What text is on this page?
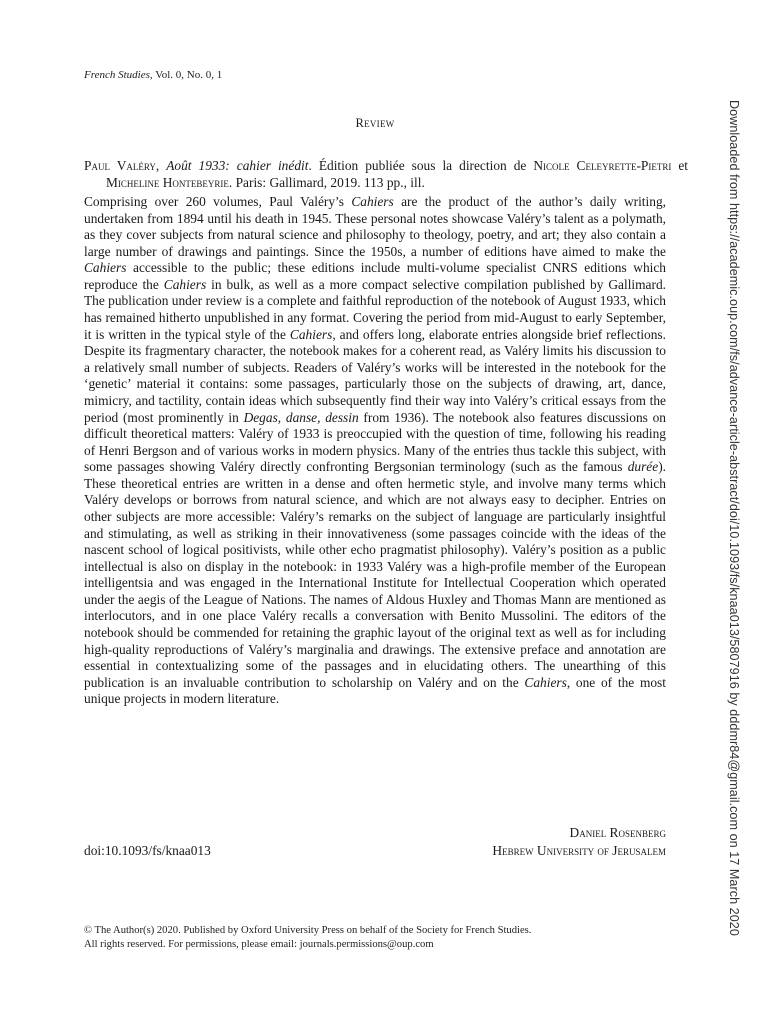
French Studies, Vol. 0, No. 0, 1
Review
Paul Valéry, Août 1933: cahier inédit. Édition publiée sous la direction de Nicole Celeyrette-Pietri et Micheline Hontebeyrie. Paris: Gallimard, 2019. 113 pp., ill.
Comprising over 260 volumes, Paul Valéry’s Cahiers are the product of the author’s daily writing, undertaken from 1894 until his death in 1945. These personal notes showcase Valéry’s talent as a polymath, as they cover subjects from natural science and philosophy to theology, poetry, and art; they also contain a large number of drawings and paintings. Since the 1950s, a number of editions have aimed to make the Cahiers accessible to the public; these editions include multi-volume specialist CNRS editions which reproduce the Cahiers in bulk, as well as a more compact selective compilation published by Gallimard. The publication under review is a complete and faithful reproduction of the notebook of August 1933, which has remained hitherto unpublished in any format. Covering the period from mid-August to early September, it is written in the typical style of the Cahiers, and offers long, elaborate entries alongside brief reflections. Despite its fragmentary character, the notebook makes for a coherent read, as Valéry limits his discussion to a relatively small number of subjects. Readers of Valéry’s works will be interested in the notebook for the ‘genetic’ material it contains: some passages, particularly those on the subjects of drawing, art, dance, mimicry, and tactility, contain ideas which subsequently find their way into Valéry’s critical essays from the period (most prominently in Degas, danse, dessin from 1936). The notebook also features discussions on difficult theoretical matters: Valéry of 1933 is preoccupied with the question of time, following his reading of Henri Bergson and of various works in modern physics. Many of the entries thus tackle this subject, with some passages showing Valéry directly confronting Bergsonian terminology (such as the famous durée). These theoretical entries are written in a dense and often hermetic style, and involve many terms which Valéry develops or borrows from natural science, and which are not always easy to decipher. Entries on other subjects are more accessible: Valéry’s remarks on the subject of language are particularly insightful and stimulating, as well as striking in their innovativeness (some passages coincide with the ideas of the nascent school of logical positivists, while other echo pragmatist philosophy). Valéry’s position as a public intellectual is also on display in the notebook: in 1933 Valéry was a high-profile member of the European intelligentsia and was engaged in the International Institute for Intellectual Cooperation which operated under the aegis of the League of Nations. The names of Aldous Huxley and Thomas Mann are mentioned as interlocutors, and in one place Valéry recalls a conversation with Benito Mussolini. The editors of the notebook should be commended for retaining the graphic layout of the original text as well as for including high-quality reproductions of Valéry’s marginalia and drawings. The extensive preface and annotation are essential in contextualizing some of the passages and in elucidating others. The unearthing of this publication is an invaluable contribution to scholarship on Valéry and on the Cahiers, one of the most unique projects in modern literature.
Daniel Rosenberg
doi:10.1093/fs/knaa013	Hebrew University of Jerusalem
© The Author(s) 2020. Published by Oxford University Press on behalf of the Society for French Studies.
All rights reserved. For permissions, please email: journals.permissions@oup.com
Downloaded from https://academic.oup.com/fs/advance-article-abstract/doi/10.1093/fs/knaa013/5807916 by dddmr84@gmail.com on 17 March 2020
